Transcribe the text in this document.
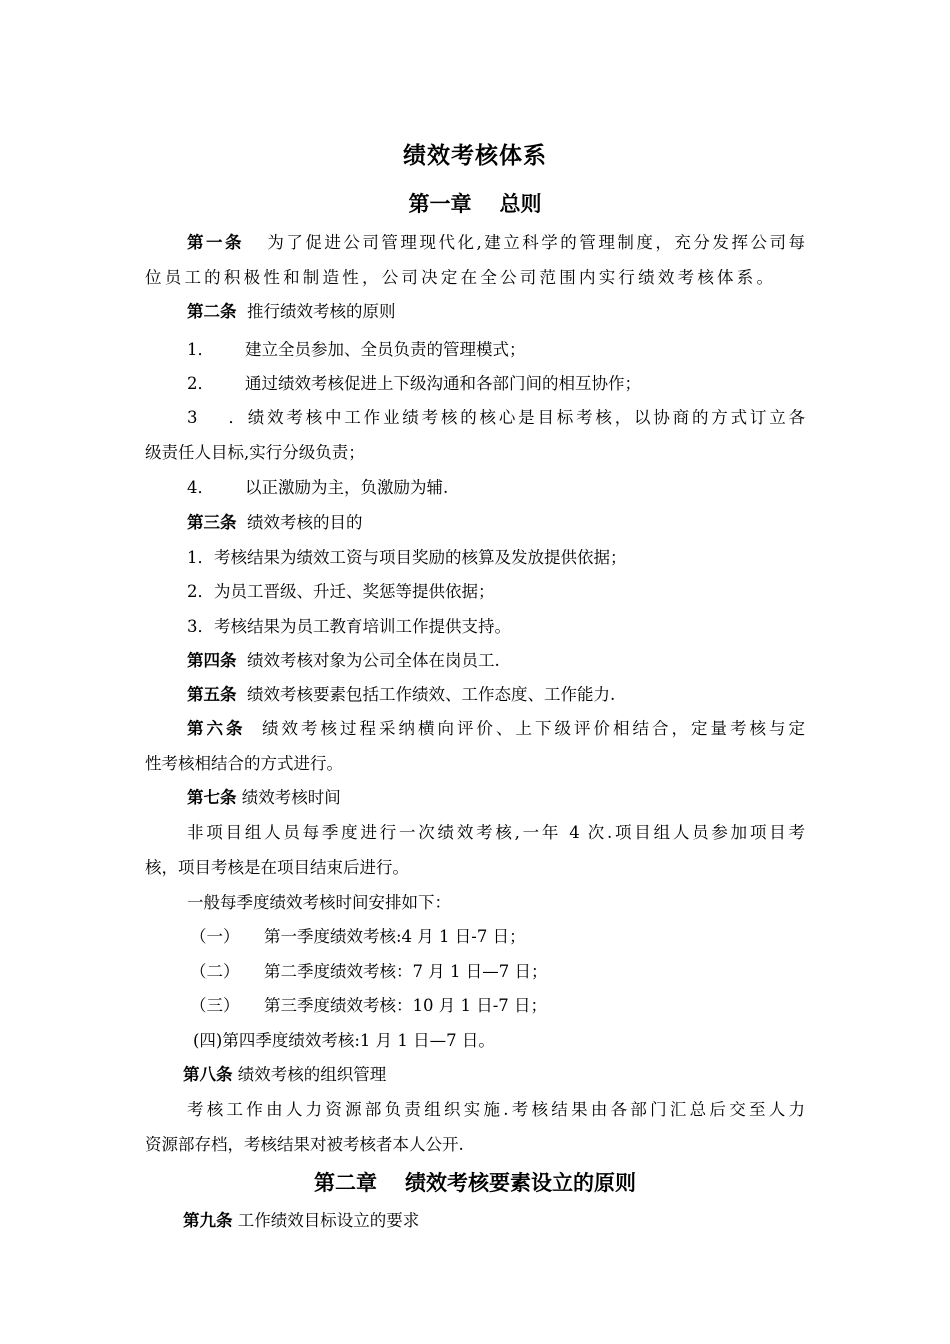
绩效考核体系
第一章 总则
第一条 为了促进公司管理现代化,建立科学的管理制度，充分发挥公司每
位员工的积极性和制造性，公司决定在全公司范围内实行绩效考核体系。
第二条 推行绩效考核的原则
1． 建立全员参加、全员负责的管理模式；
2． 通过绩效考核促进上下级沟通和各部门间的相互协作；
3．绩效考核中工作业绩考核的核心是目标考核，以协商的方式订立各
级责任人目标,实行分级负责；
4． 以正激励为主，负激励为辅.
第三条 绩效考核的目的
1．考核结果为绩效工资与项目奖励的核算及发放提供依据；
2．为员工晋级、升迁、奖惩等提供依据；
3．考核结果为员工教育培训工作提供支持。
第四条 绩效考核对象为公司全体在岗员工.
第五条 绩效考核要素包括工作绩效、工作态度、工作能力.
第六条 绩效考核过程采纳横向评价、上下级评价相结合，定量考核与定
性考核相结合的方式进行。
第七条 绩效考核时间
非项目组人员每季度进行一次绩效考核,一年 4 次.项目组人员参加项目考
核，项目考核是在项目结束后进行。
一般每季度绩效考核时间安排如下：
（一） 第一季度绩效考核:4 月 1 日-7 日；
（二） 第二季度绩效考核：7 月 1 日—7 日；
（三） 第三季度绩效考核：10 月 1 日-7 日；
(四)第四季度绩效考核:1 月 1 日—7 日。
第八条 绩效考核的组织管理
考核工作由人力资源部负责组织实施.考核结果由各部门汇总后交至人力
资源部存档，考核结果对被考核者本人公开.
第二章 绩效考核要素设立的原则
第九条 工作绩效目标设立的要求
